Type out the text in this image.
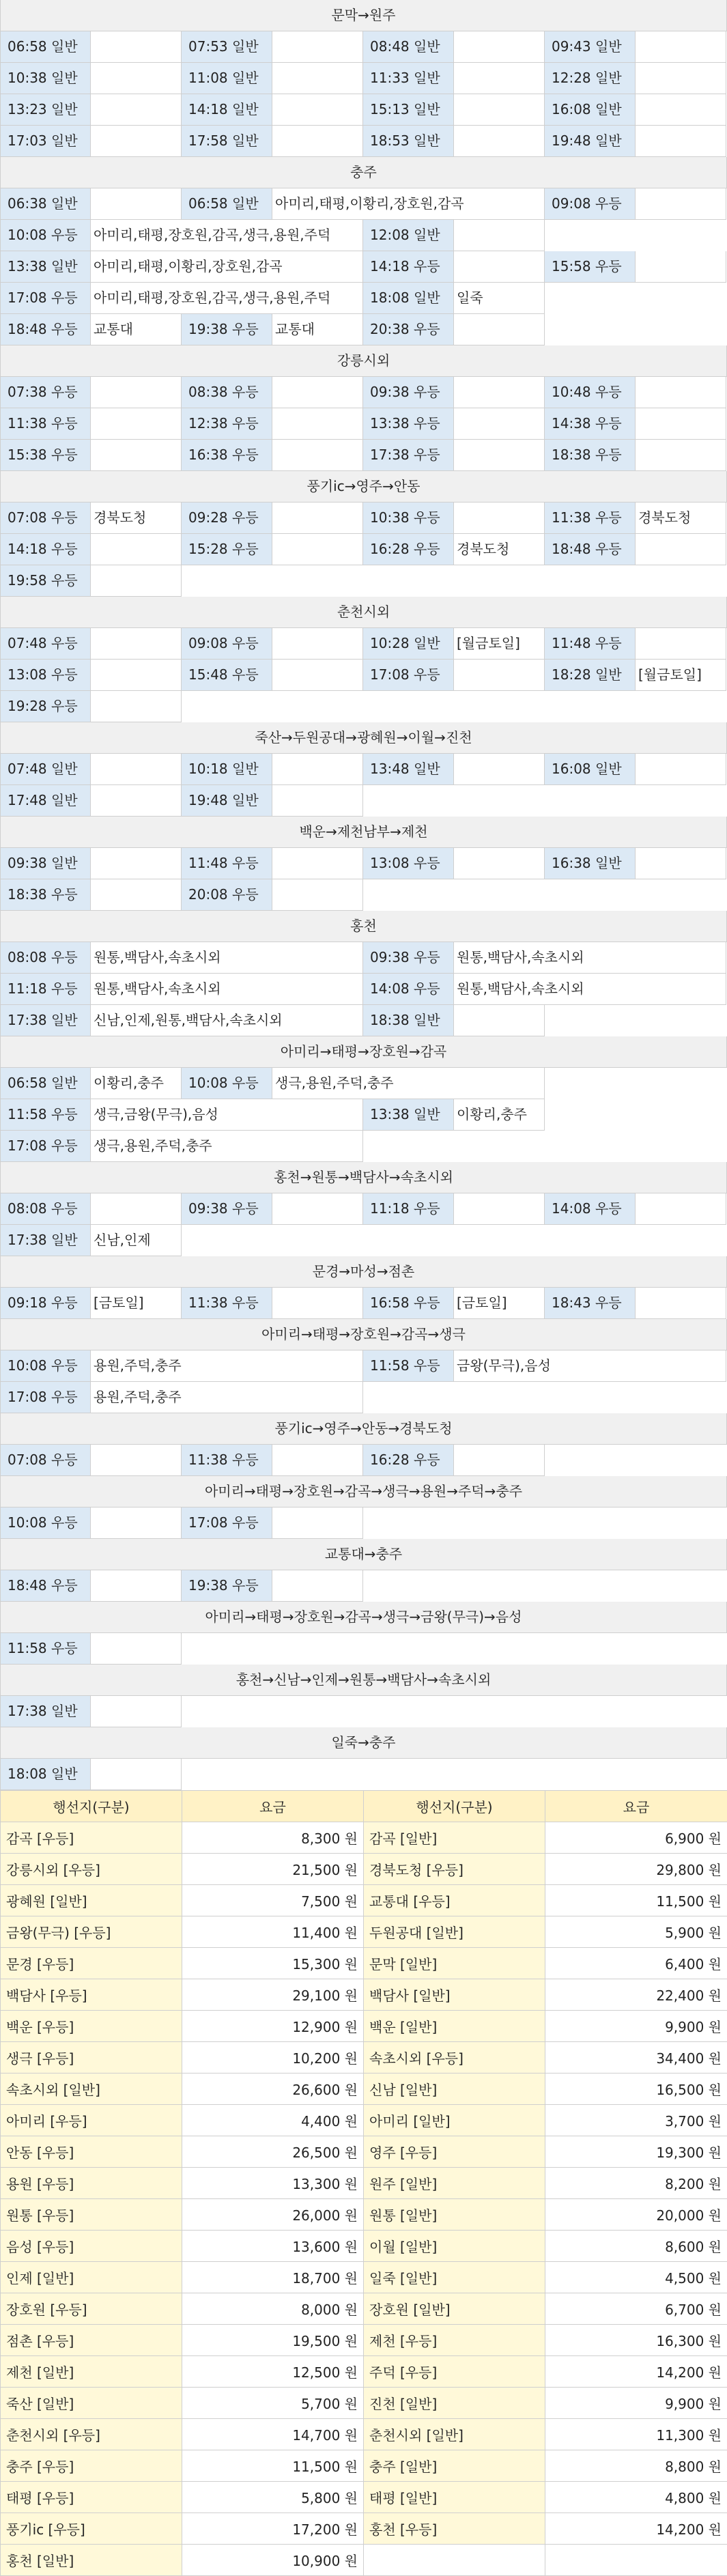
문막→원주
06:58 일반	07:53 일반	08:48 일반	09:43 일반
10:38 일반	11:08 일반	11:33 일반	12:28 일반
13:23 일반	14:18 일반	15:13 일반	16:08 일반
17:03 일반	17:58 일반	18:53 일반	19:48 일반
충주
06:38 일반	06:58 일반	아미리,태평,이황리,장호원,감곡	09:08 우등
10:08 우등	아미리,태평,장호원,감곡,생극,용원,주덕	12:08 일반
13:38 일반	아미리,태평,이황리,장호원,감곡	14:18 우등	15:58 우등
17:08 우등	아미리,태평,장호원,감곡,생극,용원,주덕	18:08 일반	일죽
18:48 우등	교통대	19:38 우등	교통대	20:38 우등
강릉시외
07:38 우등	08:38 우등	09:38 우등	10:48 우등
11:38 우등	12:38 우등	13:38 우등	14:38 우등
15:38 우등	16:38 우등	17:38 우등	18:38 우등
풍기ic→영주→안동
07:08 우등	경북도청	09:28 우등	10:38 우등	11:38 우등	경북도청
14:18 우등	15:28 우등	16:28 우등	경북도청	18:48 우등
19:58 우등
춘천시외
07:48 우등	09:08 우등	10:28 일반	[월금토일]	11:48 우등
13:08 우등	15:48 우등	17:08 우등	18:28 일반	[월금토일]
19:28 우등
죽산→두원공대→광혜원→이월→진천
07:48 일반	10:18 일반	13:48 일반	16:08 일반
17:48 일반	19:48 일반
백운→제천남부→제천
09:38 일반	11:48 우등	13:08 우등	16:38 일반
18:38 우등	20:08 우등
홍천
08:08 우등	원통,백담사,속초시외	09:38 우등	원통,백담사,속초시외
11:18 우등	원통,백담사,속초시외	14:08 우등	원통,백담사,속초시외
17:38 일반	신남,인제,원통,백담사,속초시외	18:38 일반
아미리→태평→장호원→감곡
06:58 일반	이황리,충주	10:08 우등	생극,용원,주덕,충주
11:58 우등	생극,금왕(무극),음성	13:38 일반	이황리,충주
17:08 우등	생극,용원,주덕,충주
홍천→원통→백담사→속초시외
08:08 우등	09:38 우등	11:18 우등	14:08 우등
17:38 일반	신남,인제
문경→마성→점촌
09:18 우등	[금토일]	11:38 우등	16:58 우등	[금토일]	18:43 우등
아미리→태평→장호원→감곡→생극
10:08 우등	용원,주덕,충주	11:58 우등	금왕(무극),음성
17:08 우등	용원,주덕,충주
풍기ic→영주→안동→경북도청
07:08 우등	11:38 우등	16:28 우등
아미리→태평→장호원→감곡→생극→용원→주덕→충주
10:08 우등	17:08 우등
교통대→충주
18:48 우등	19:38 우등
아미리→태평→장호원→감곡→생극→금왕(무극)→음성
11:58 우등
홍천→신남→인제→원통→백담사→속초시외
17:38 일반
일죽→충주
18:08 일반
행선지(구분)	요금	행선지(구분)	요금
감곡 [우등]	8,300 원	감곡 [일반]	6,900 원
강릉시외 [우등]	21,500 원	경북도청 [우등]	29,800 원
광혜원 [일반]	7,500 원	교통대 [우등]	11,500 원
금왕(무극) [우등]	11,400 원	두원공대 [일반]	5,900 원
문경 [우등]	15,300 원	문막 [일반]	6,400 원
백담사 [우등]	29,100 원	백담사 [일반]	22,400 원
백운 [우등]	12,900 원	백운 [일반]	9,900 원
생극 [우등]	10,200 원	속초시외 [우등]	34,400 원
속초시외 [일반]	26,600 원	신남 [일반]	16,500 원
아미리 [우등]	4,400 원	아미리 [일반]	3,700 원
안동 [우등]	26,500 원	영주 [우등]	19,300 원
용원 [우등]	13,300 원	원주 [일반]	8,200 원
원통 [우등]	26,000 원	원통 [일반]	20,000 원
음성 [우등]	13,600 원	이월 [일반]	8,600 원
인제 [일반]	18,700 원	일죽 [일반]	4,500 원
장호원 [우등]	8,000 원	장호원 [일반]	6,700 원
점촌 [우등]	19,500 원	제천 [우등]	16,300 원
제천 [일반]	12,500 원	주덕 [우등]	14,200 원
죽산 [일반]	5,700 원	진천 [일반]	9,900 원
춘천시외 [우등]	14,700 원	춘천시외 [일반]	11,300 원
충주 [우등]	11,500 원	충주 [일반]	8,800 원
태평 [우등]	5,800 원	태평 [일반]	4,800 원
풍기ic [우등]	17,200 원	홍천 [우등]	14,200 원
홍천 [일반]	10,900 원		
